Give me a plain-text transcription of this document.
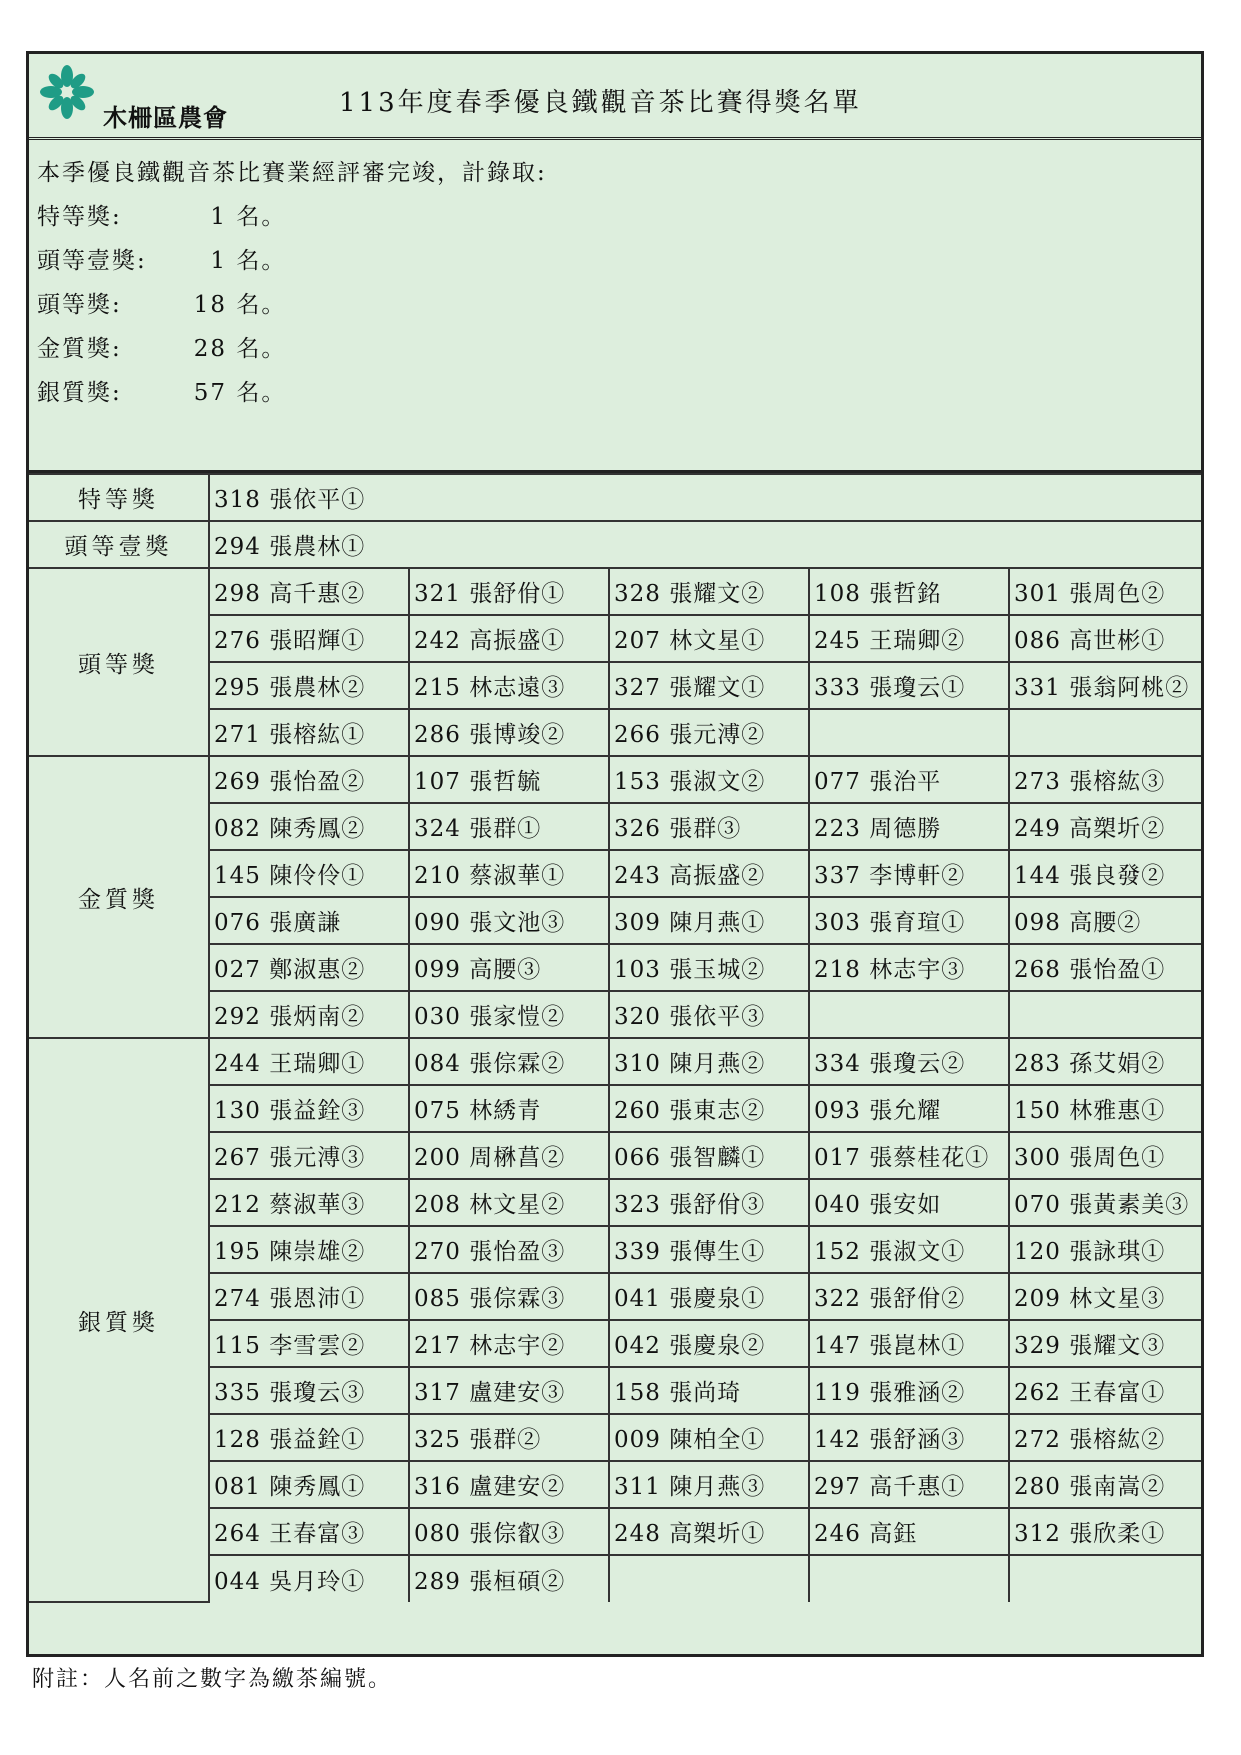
木柵區農會	113年度春季優良鐵觀音茶比賽得獎名單
本季優良鐵觀音茶比賽業經評審完竣，計錄取:
特等獎:	1 名。
頭等壹獎:	1 名。
頭等獎:	18 名。
金質獎:	28 名。
銀質獎:	57 名。
特等獎	318 張依平①				
頭等壹獎	294 張農林①				
頭等獎	298 高千惠②	321 張舒佾①	328 張耀文②	108 張哲銘	301 張周色②
	276 張昭輝①	242 高振盛①	207 林文星①	245 王瑞卿②	086 高世彬①
	295 張農林②	215 林志遠③	327 張耀文①	333 張瓊云①	331 張翁阿桃②
	271 張榕紘①	286 張博竣②	266 張元溥②		
金質獎	269 張怡盈②	107 張哲毓	153 張淑文②	077 張治平	273 張榕紘③
	082 陳秀鳳②	324 張群①	326 張群③	223 周德勝	249 高槊圻②
	145 陳伶伶①	210 蔡淑華①	243 高振盛②	337 李博軒②	144 張良發②
	076 張廣謙	090 張文池③	309 陳月燕①	303 張育瑄①	098 高腰②
	027 鄭淑惠②	099 高腰③	103 張玉城②	218 林志宇③	268 張怡盈①
	292 張炳南②	030 張家愷②	320 張依平③		
銀質獎	244 王瑞卿①	084 張倧霖②	310 陳月燕②	334 張瓊云②	283 孫艾娟②
	130 張益銓③	075 林綉青	260 張東志②	093 張允耀	150 林雅惠①
	267 張元溥③	200 周楙菖②	066 張智麟①	017 張蔡桂花①	300 張周色①
	212 蔡淑華③	208 林文星②	323 張舒佾③	040 張安如	070 張黃素美③
	195 陳崇雄②	270 張怡盈③	339 張傳生①	152 張淑文①	120 張詠琪①
	274 張恩沛①	085 張倧霖③	041 張慶泉①	322 張舒佾②	209 林文星③
	115 李雪雲②	217 林志宇②	042 張慶泉②	147 張崑林①	329 張耀文③
	335 張瓊云③	317 盧建安③	158 張尚琦	119 張雅涵②	262 王春富①
	128 張益銓①	325 張群②	009 陳柏全①	142 張舒涵③	272 張榕紘②
	081 陳秀鳳①	316 盧建安②	311 陳月燕③	297 高千惠①	280 張南嵩②
	264 王春富③	080 張倧叡③	248 高槊圻①	246 高鈺	312 張欣柔①
	044 吳月玲①	289 張桓碩②			
附註：人名前之數字為繳茶編號。
